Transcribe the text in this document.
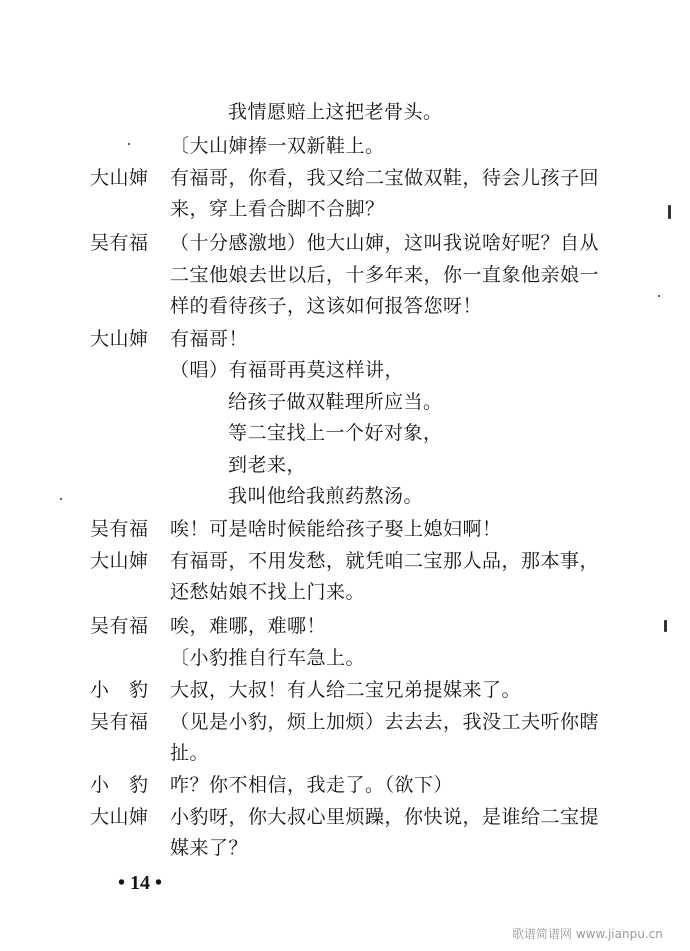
我情愿赔上这把老骨头。
〔大山婶捧一双新鞋上。
大山婶 有福哥，你看，我又给二宝做双鞋，待会儿孩子回
来，穿上看合脚不合脚？
吴有福 （十分感激地）他大山婶，这叫我说啥好呢？自从
二宝他娘去世以后，十多年来，你一直象他亲娘一
样的看待孩子，这该如何报答您呀！
大山婶 有福哥！
（唱）有福哥再莫这样讲，
给孩子做双鞋理所应当。
等二宝找上一个好对象，
到老来，
我叫他给我煎药熬汤。
吴有福 唉！可是啥时候能给孩子娶上媳妇啊！
大山婶 有福哥，不用发愁，就凭咱二宝那人品，那本事，
还愁姑娘不找上门来。
吴有福 唉，难哪，难哪！
〔小豹推自行车急上。
小　豹 大叔，大叔！有人给二宝兄弟提媒来了。
吴有福 （见是小豹，烦上加烦）去去去，我没工夫听你瞎
扯。
小　豹 咋？你不相信，我走了。（欲下）
大山婶 小豹呀，你大叔心里烦躁，你快说，是谁给二宝提
媒来了？
• 14 •
歌谱简谱网 www.jianpu.cn
